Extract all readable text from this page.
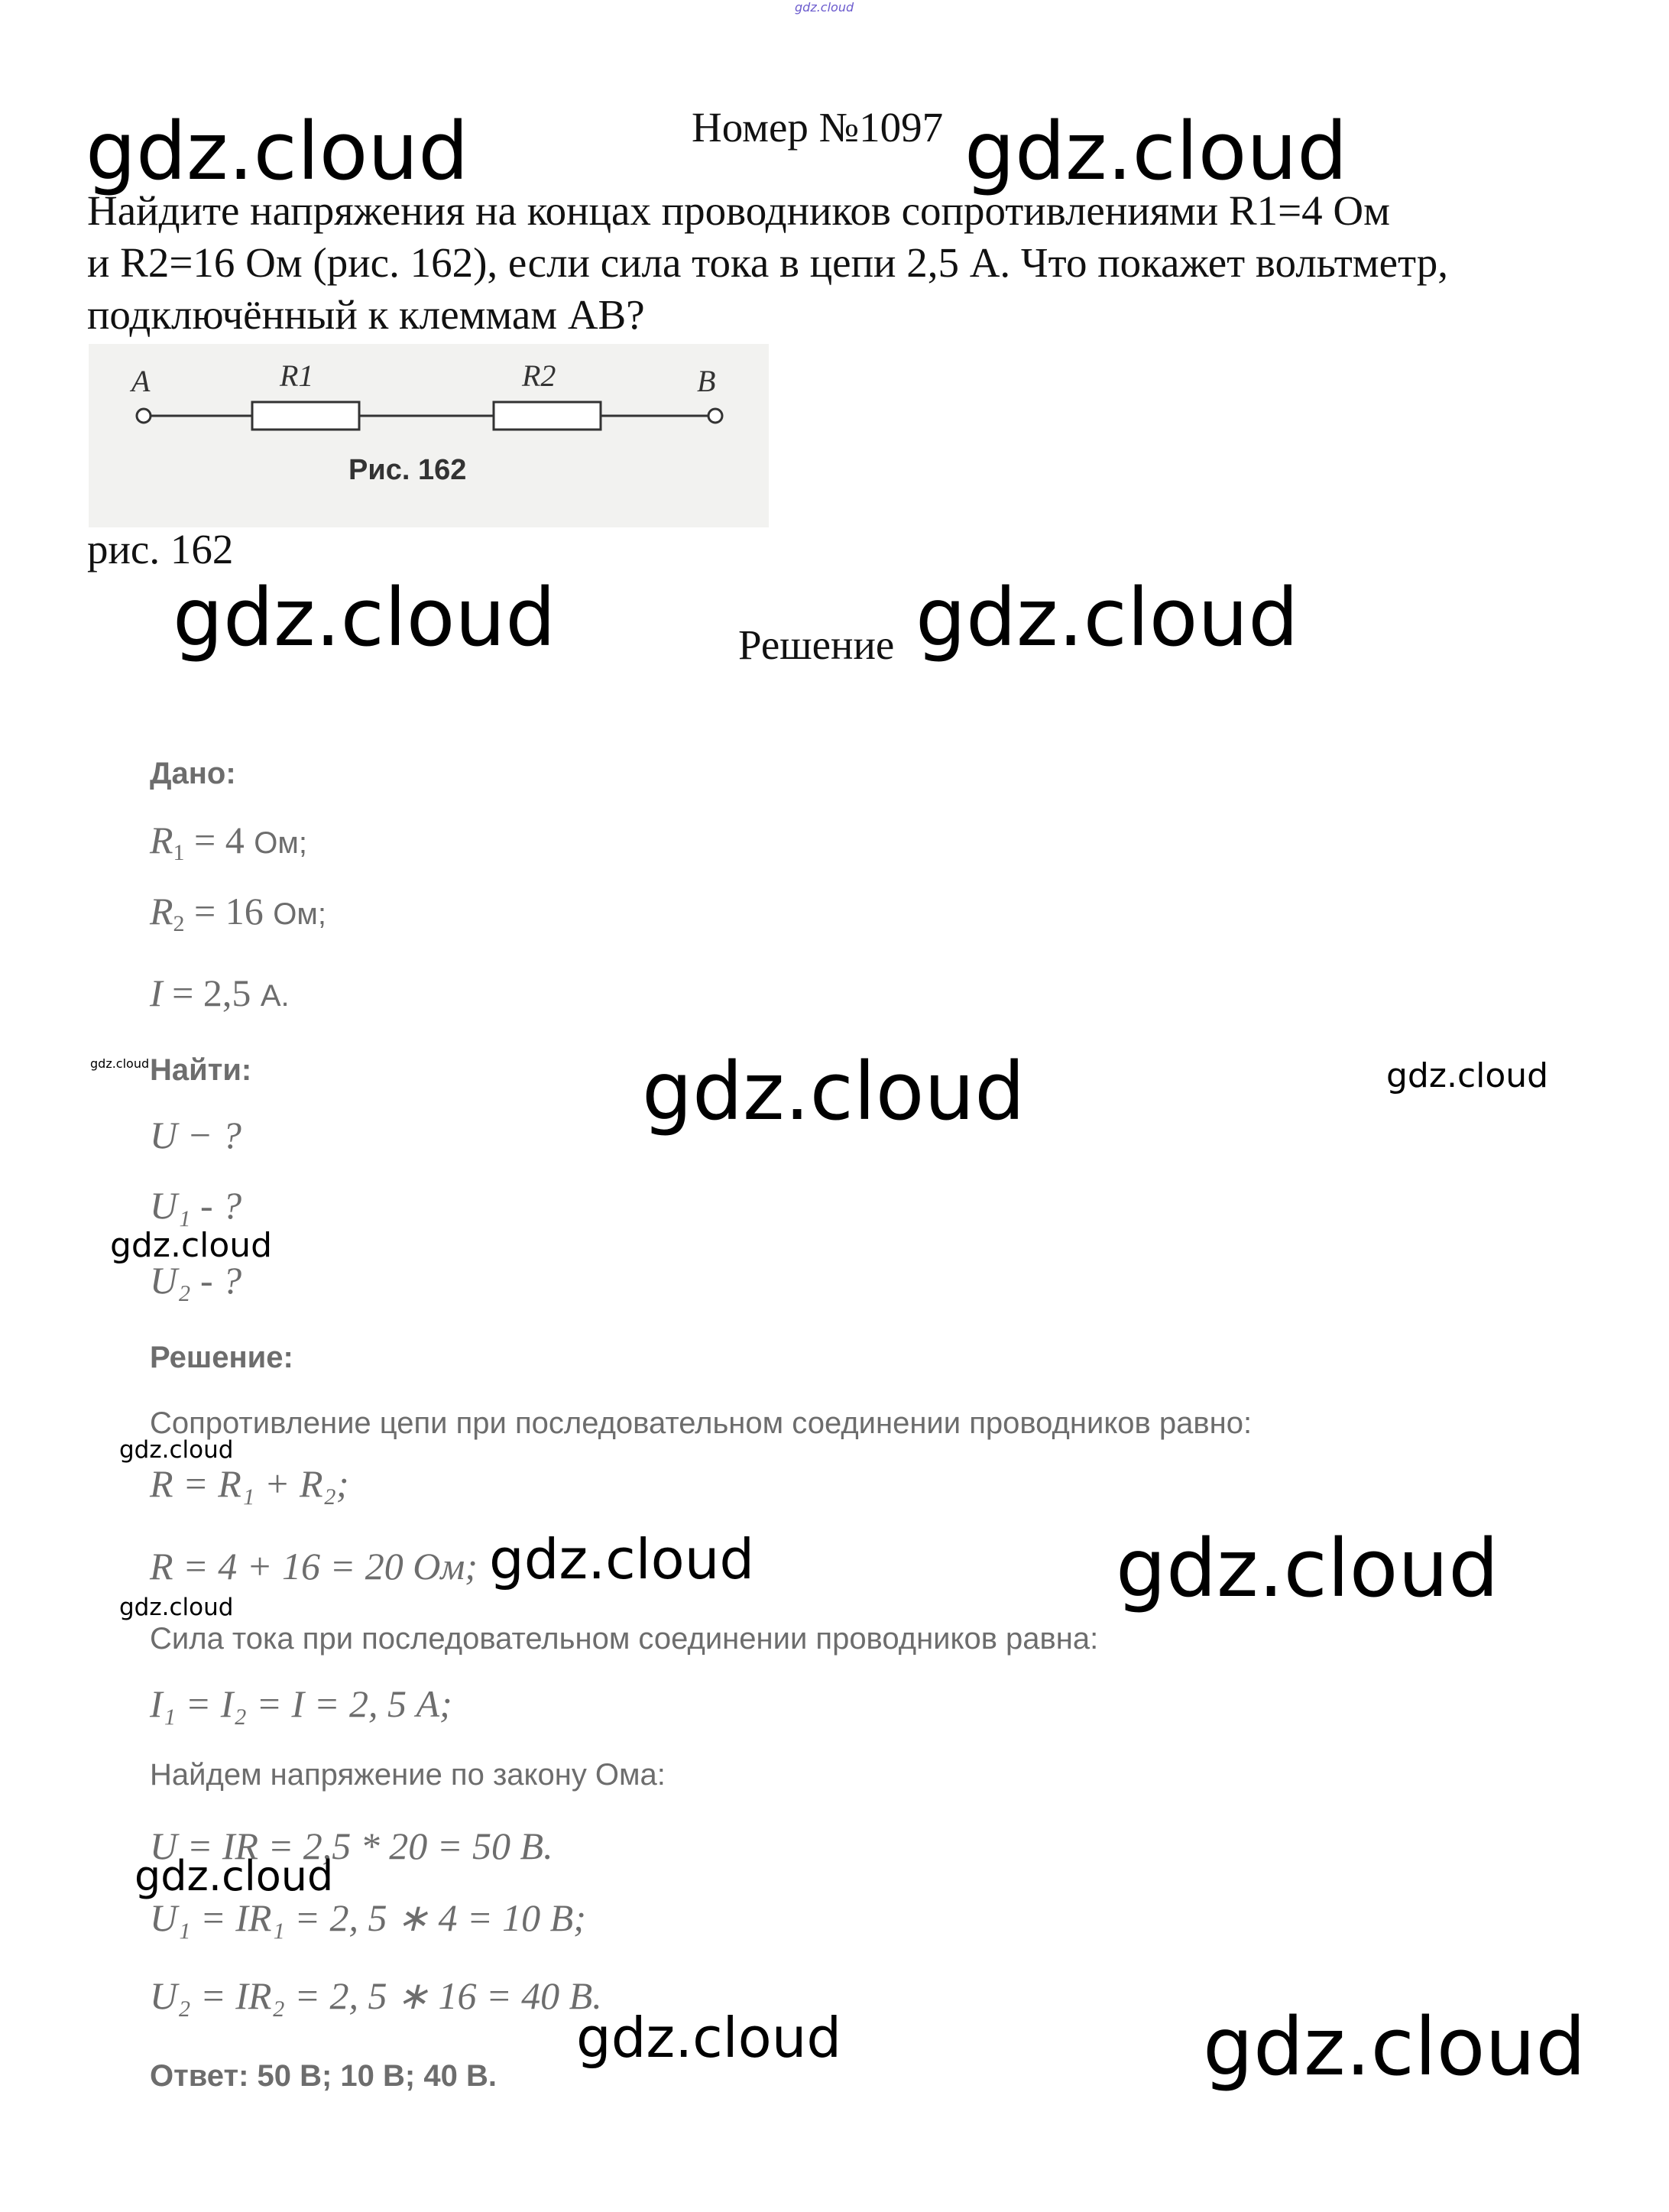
gdz.cloud
gdz.cloud	Номер №1097 gdz.cloud
Найдите напряжения на концах проводников сопротивлениями R1=4 Ом
и R2=16 Ом (рис. 162), если сила тока в цепи 2,5 А. Что покажет вольтметр,
подключённый к клеммам AB?
A	R1	R2	B
Рис. 162
рис. 162
gdz.cloud	Решение gdz.cloud
Дано:
$R_1 = 4$ Ом;
$R_2 = 16$ Ом;
I = 2,5 А.
gdz.cloud Найти:	gdz.cloud	gdz.cloud
U − ?
U₁ - ?
gdz.cloud
U₂ - ?
Решение:
Сопротивление цепи при последовательном соединении проводников равно:
gdz.cloud
R = R₁ + R₂;
R = 4 + 16 = 20 Ом; gdz.cloud	gdz.cloud
gdz.cloud
Сила тока при последовательном соединении проводников равна:
I₁ = I₂ = I = 2, 5 А;
Найдем напряжение по закону Ома:
U = IR = 2,5 * 20 = 50 В.
gdz.cloud
U₁ = IR₁ = 2, 5 ∗ 4 = 10 В;
U₂ = IR₂ = 2, 5 ∗ 16 = 40 В.
gdz.cloud	gdz.cloud
Ответ: 50 В; 10 В; 40 В.
